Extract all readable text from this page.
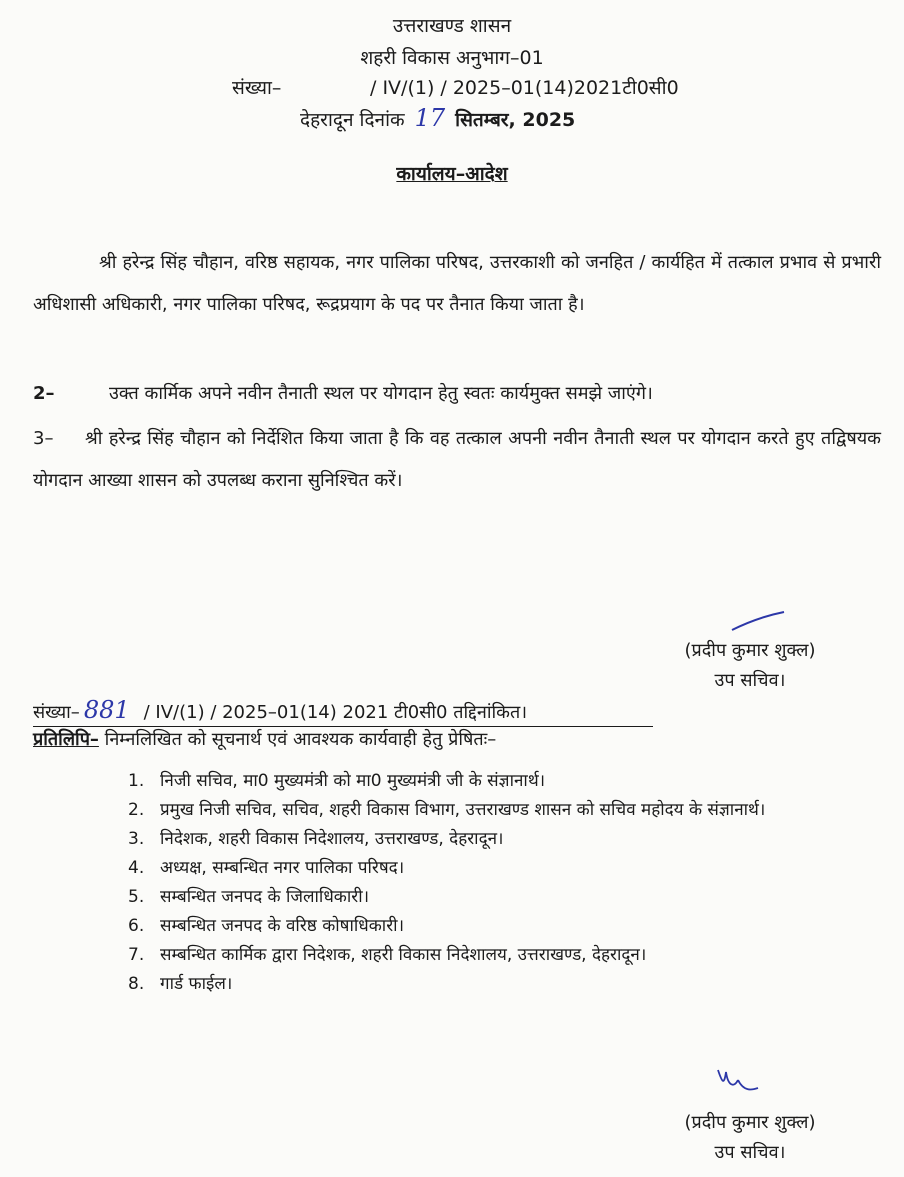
उत्तराखण्ड शासन
शहरी विकास अनुभाग–01
संख्या–	/ IV/(1) / 2025–01(14)2021टी0सी0
देहरादून दिनांक 17 सितम्बर, 2025
कार्यालय–आदेश
श्री हरेन्द्र सिंह चौहान, वरिष्ठ सहायक, नगर पालिका परिषद, उत्तरकाशी को जनहित / कार्यहित में तत्काल प्रभाव से प्रभारी अधिशासी अधिकारी, नगर पालिका परिषद, रूद्रप्रयाग के पद पर तैनात किया जाता है।
2–	उक्त कार्मिक अपने नवीन तैनाती स्थल पर योगदान हेतु स्वतः कार्यमुक्त समझे जाएंगे।
3– श्री हरेन्द्र सिंह चौहान को निर्देशित किया जाता है कि वह तत्काल अपनी नवीन तैनाती स्थल पर योगदान करते हुए तद्विषयक योगदान आख्या शासन को उपलब्ध कराना सुनिश्चित करें।
(प्रदीप कुमार शुक्ल)
उप सचिव।
संख्या– 881 / IV/(1) / 2025–01(14) 2021 टी0सी0 तद्दिनांकित।
प्रतिलिपि– निम्नलिखित को सूचनार्थ एवं आवश्यक कार्यवाही हेतु प्रेषितः–
1. निजी सचिव, मा0 मुख्यमंत्री को मा0 मुख्यमंत्री जी के संज्ञानार्थ।
2. प्रमुख निजी सचिव, सचिव, शहरी विकास विभाग, उत्तराखण्ड शासन को सचिव महोदय के संज्ञानार्थ।
3. निदेशक, शहरी विकास निदेशालय, उत्तराखण्ड, देहरादून।
4. अध्यक्ष, सम्बन्धित नगर पालिका परिषद।
5. सम्बन्धित जनपद के जिलाधिकारी।
6. सम्बन्धित जनपद के वरिष्ठ कोषाधिकारी।
7. सम्बन्धित कार्मिक द्वारा निदेशक, शहरी विकास निदेशालय, उत्तराखण्ड, देहरादून।
8. गार्ड फाईल।
(प्रदीप कुमार शुक्ल)
उप सचिव।
